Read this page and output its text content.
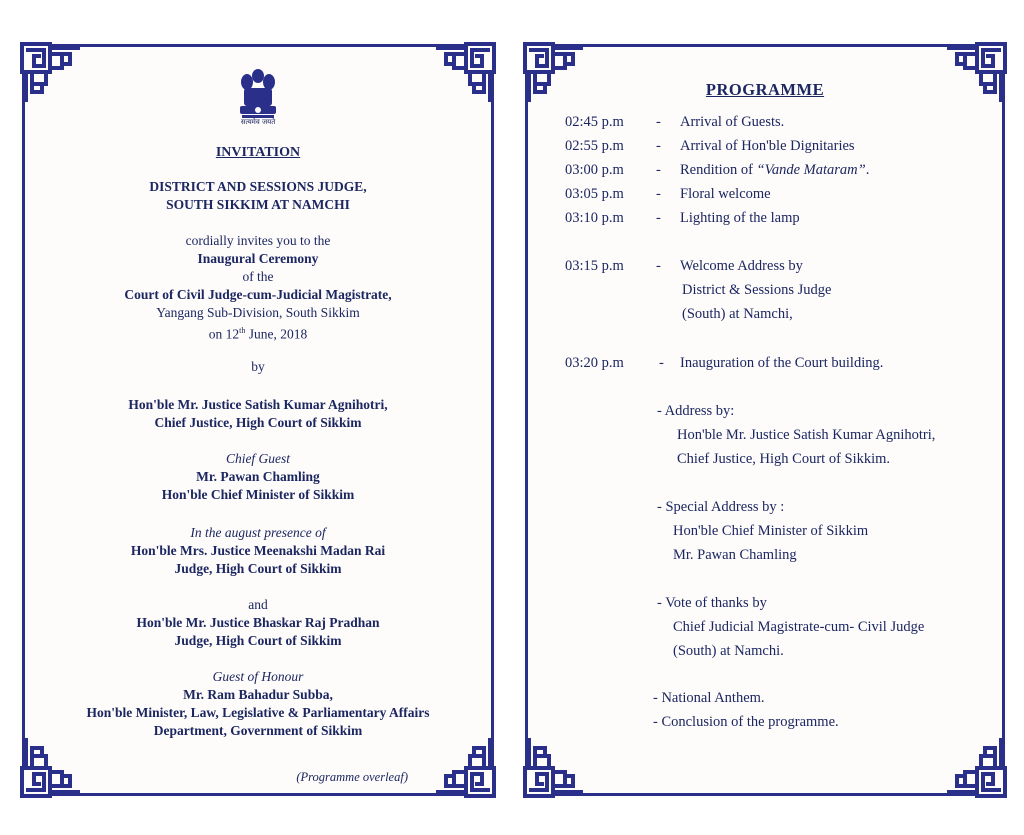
सत्यमेव जयते
INVITATION
DISTRICT AND SESSIONS JUDGE,
SOUTH SIKKIM AT NAMCHI
cordially invites you to the
Inaugural Ceremony
of the
Court of Civil Judge-cum-Judicial Magistrate,
Yangang Sub-Division, South Sikkim
on 12th June, 2018
by
Hon'ble Mr. Justice Satish Kumar Agnihotri,
Chief Justice, High Court of Sikkim
Chief Guest
Mr. Pawan Chamling
Hon'ble Chief Minister of Sikkim
In the august presence of
Hon'ble Mrs. Justice Meenakshi Madan Rai
Judge, High Court of Sikkim
and
Hon'ble Mr. Justice Bhaskar Raj Pradhan
Judge, High Court of Sikkim
Guest of Honour
Mr. Ram Bahadur Subba,
Hon'ble Minister, Law, Legislative & Parliamentary Affairs
Department, Government of Sikkim
(Programme overleaf)
PROGRAMME
02:45 p.m - Arrival of Guests.
02:55 p.m - Arrival of Hon'ble Dignitaries
03:00 p.m - Rendition of “Vande Mataram”.
03:05 p.m - Floral welcome
03:10 p.m - Lighting of the lamp
03:15 p.m - Welcome Address by
District & Sessions Judge
(South) at Namchi,
03:20 p.m - Inauguration of the Court building.
- Address by:
Hon'ble Mr. Justice Satish Kumar Agnihotri,
Chief Justice, High Court of Sikkim.
- Special Address by :
Hon'ble Chief Minister of Sikkim
Mr. Pawan Chamling
- Vote of thanks by
Chief Judicial Magistrate-cum- Civil Judge
(South) at Namchi.
- National Anthem.
- Conclusion of the programme.
